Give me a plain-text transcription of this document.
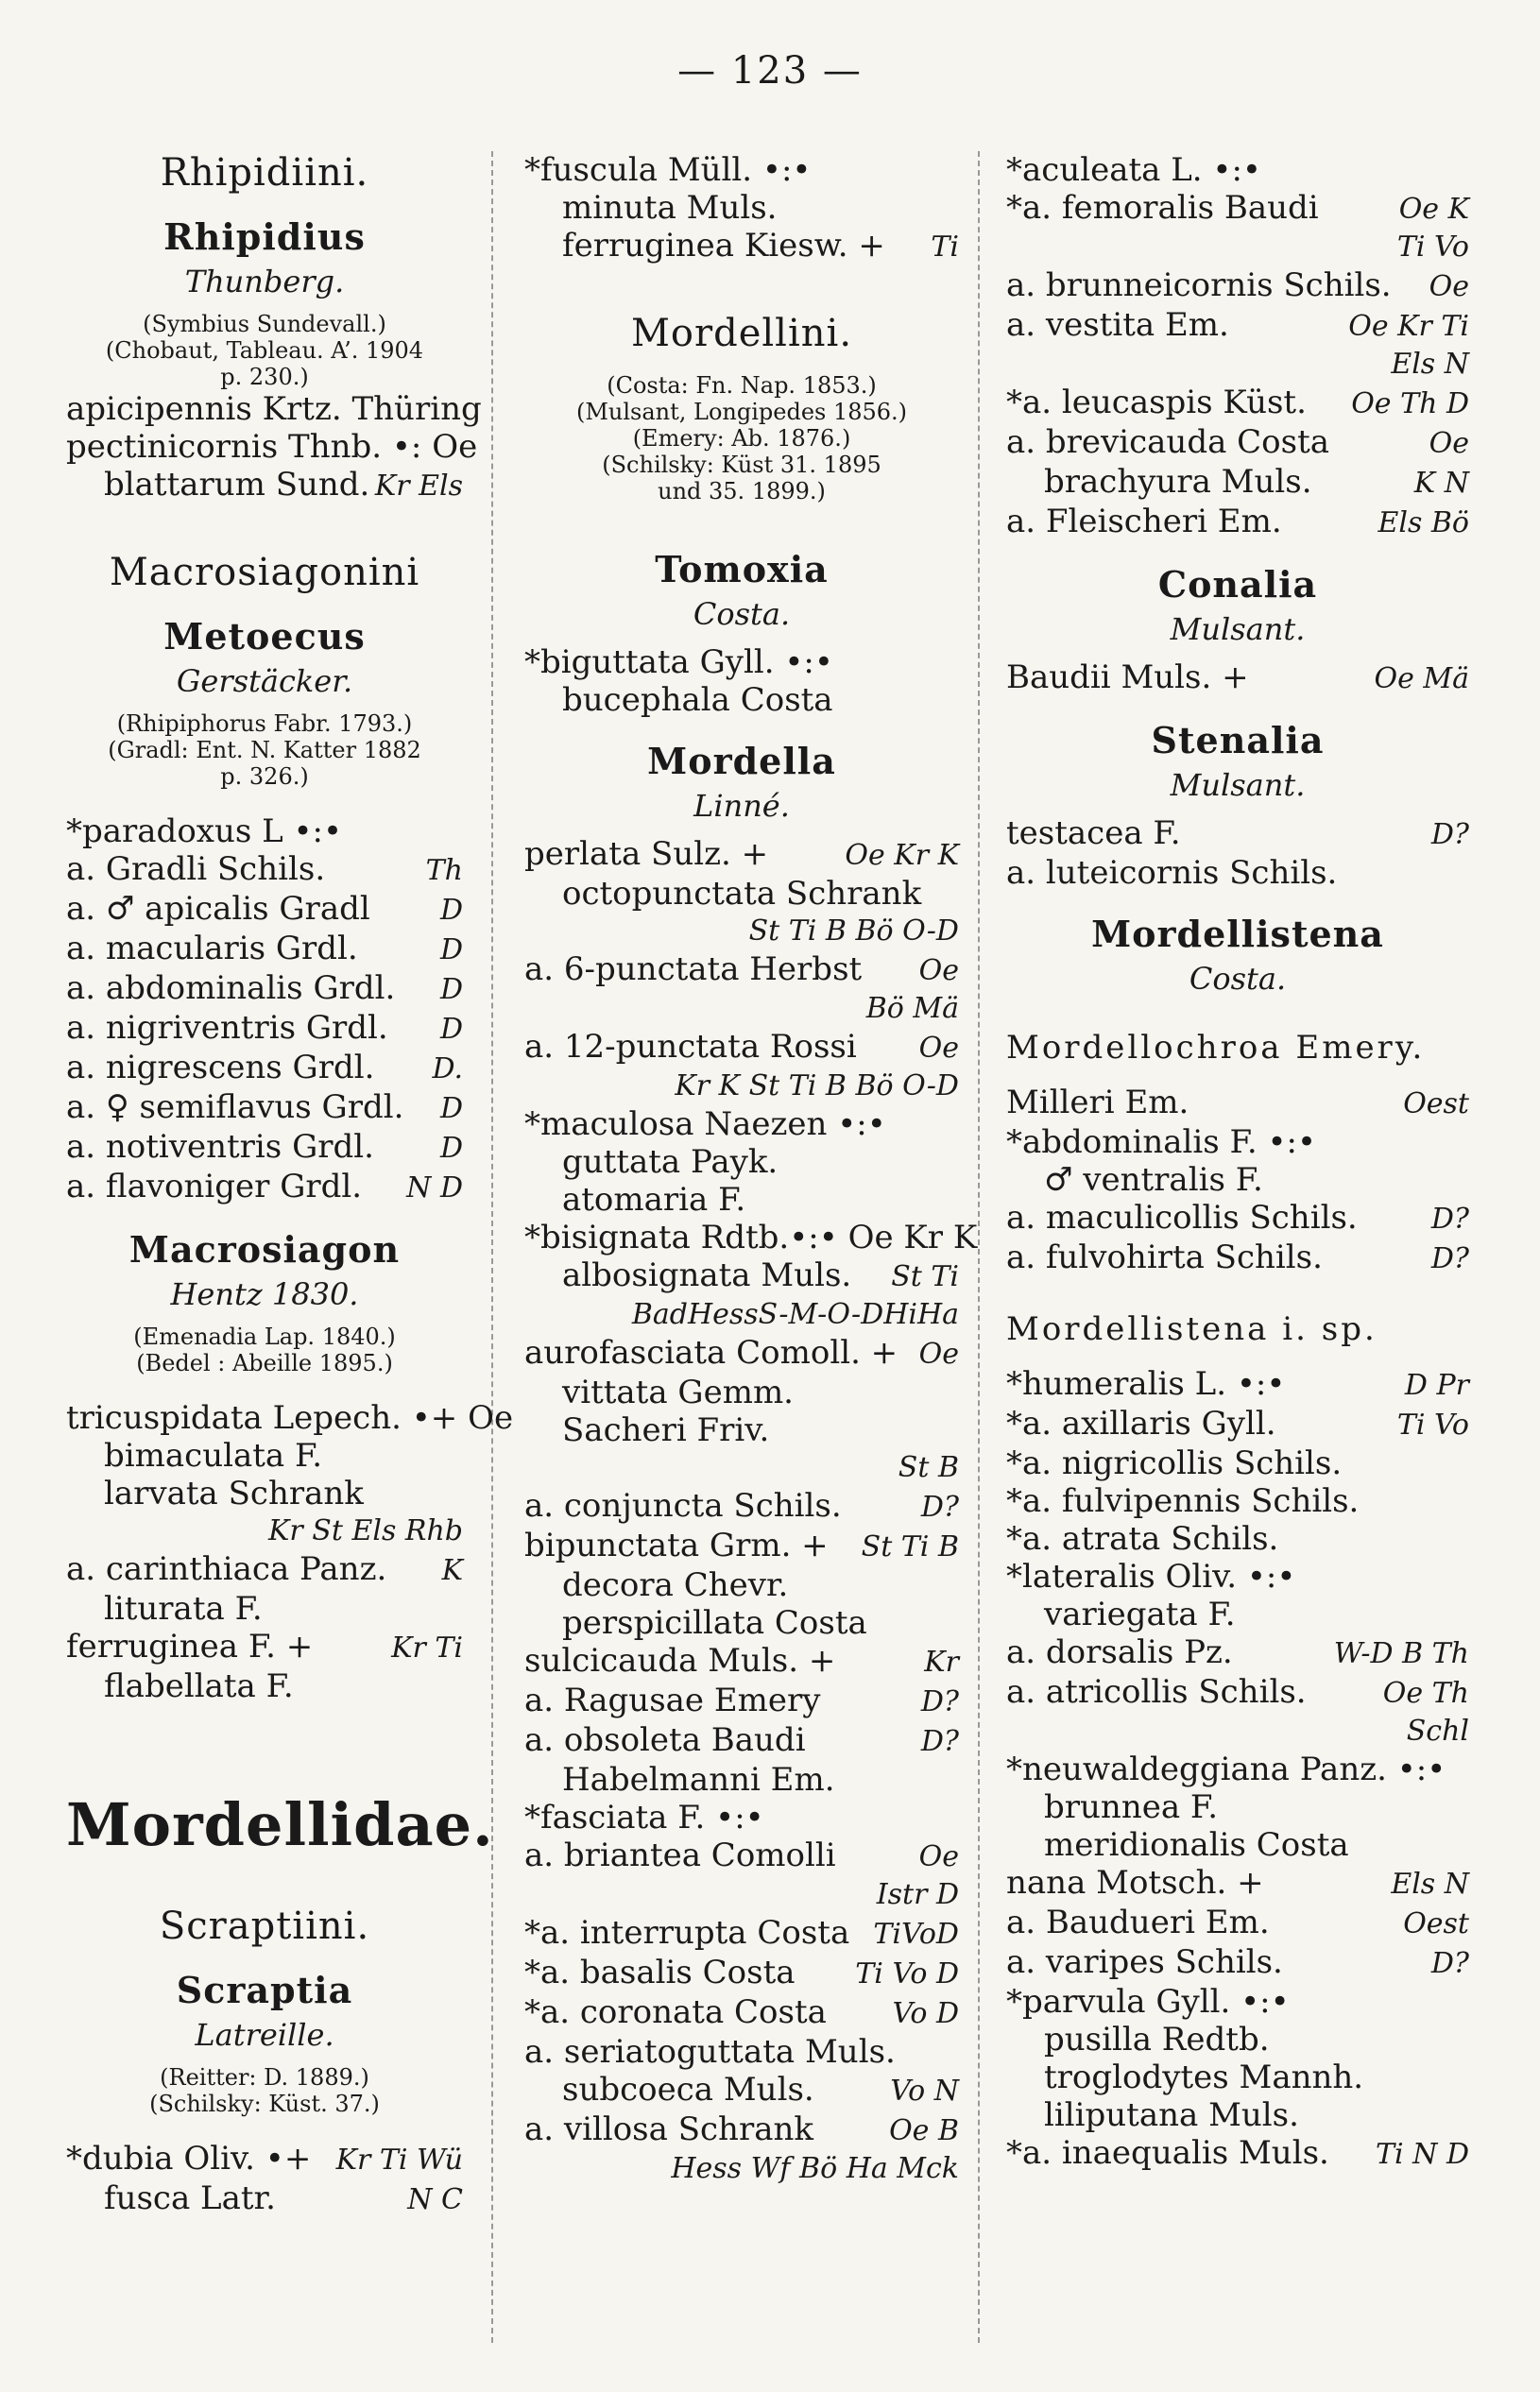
— 123 —
Rhipidiini.
Rhipidius
Thunberg.
(Symbius Sundevall.)
(Chobaut, Tableau. A’. 1904
p. 230.)
apicipennis Krtz. Thüring
pectinicornis Thnb. •: Oe
blattarum Sund. Kr Els
Macrosiagonini
Metoecus
Gerstäcker.
(Rhipiphorus Fabr. 1793.)
(Gradl: Ent. N. Katter 1882
p. 326.)
*paradoxus L •:•
a. Gradli Schils.	Th
a. ♂ apicalis Gradl D
a. macularis Grdl.	D
a. abdominalis Grdl. D
a. nigriventris Grdl. D
a. nigrescens Grdl. D.
a. ♀ semiflavus Grdl. D
a. notiventris Grdl. D
a. flavoniger Grdl. N D
Macrosiagon
Hentz 1830.
(Emenadia Lap. 1840.)
(Bedel : Abeille 1895.)
tricuspidata Lepech. •+ Oe
bimaculata F.
larvata Schrank
Kr St Els Rhb
a. carinthiaca Panz. K
liturata F.
ferruginea F. +	Kr Ti
flabellata F.
Mordellidae.
Scraptiini.
Scraptia
Latreille.
(Reitter: D. 1889.)
(Schilsky: Küst. 37.)
*dubia Oliv. •+ Kr Ti Wü
fusca Latr.	N C
*fuscula Müll. •:•
minuta Muls.
ferruginea Kiesw. + Ti
Mordellini.
(Costa: Fn. Nap. 1853.)
(Mulsant, Longipedes 1856.)
(Emery: Ab. 1876.)
(Schilsky: Küst 31. 1895
und 35. 1899.)
Tomoxia
Costa.
*biguttata Gyll. •:•
bucephala Costa
Mordella
Linné.
perlata Sulz. +	Oe Kr K
octopunctata Schrank
St Ti B Bö O-D
a. 6-punctata Herbst Oe
Bö Mä
a. 12-punctata Rossi Oe
Kr K St Ti B Bö O-D
*maculosa Naezen •:•
guttata Payk.
atomaria F.
*bisignata Rdtb.•:• Oe Kr K
albosignata Muls. St Ti
BadHessS-M-O-DHiHa
aurofasciata Comoll. + Oe
vittata Gemm.
Sacheri Friv.
St B
a. conjuncta Schils.	D?
bipunctata Grm. + St Ti B
decora Chevr.
perspicillata Costa
sulcicauda Muls. +	Kr
a. Ragusae Emery	D?
a. obsoleta Baudi	D?
Habelmanni Em.
*fasciata F. •:•
a. briantea Comolli	Oe
Istr D
*a. interrupta Costa TiVoD
*a. basalis Costa Ti Vo D
*a. coronata Costa Vo D
a. seriatoguttata Muls.
subcoeca Muls.	Vo N
a. villosa Schrank	Oe B
Hess Wf Bö Ha Mck
*aculeata L. •:•
*a. femoralis Baudi	Oe K
Ti Vo
a. brunneicornis Schils. Oe
a. vestita Em.	Oe Kr Ti
Els N
*a. leucaspis Küst. Oe Th D
a. brevicauda Costa	Oe
brachyura Muls.	K N
a. Fleischeri Em.	Els Bö
Conalia
Mulsant.
Baudii Muls. +	Oe Mä
Stenalia
Mulsant.
testacea F.	D?
a. luteicornis Schils.
Mordellistena
Costa.
Mordellochroa Emery.
Milleri Em.	Oest
*abdominalis F. •:•
♂ ventralis F.
a. maculicollis Schils.	D?
a. fulvohirta Schils.	D?
Mordellistena i. sp.
*humeralis L. •:•	D Pr
*a. axillaris Gyll.	Ti Vo
*a. nigricollis Schils.
*a. fulvipennis Schils.
*a. atrata Schils.
*lateralis Oliv. •:•
variegata F.
a. dorsalis Pz.	W-D B Th
a. atricollis Schils.	Oe Th
Schl
*neuwaldeggiana Panz. •:•
brunnea F.
meridionalis Costa
nana Motsch. +	Els N
a. Baudueri Em.	Oest
a. varipes Schils.	D?
*parvula Gyll. •:•
pusilla Redtb.
troglodytes Mannh.
liliputana Muls.
*a. inaequalis Muls. Ti N D
